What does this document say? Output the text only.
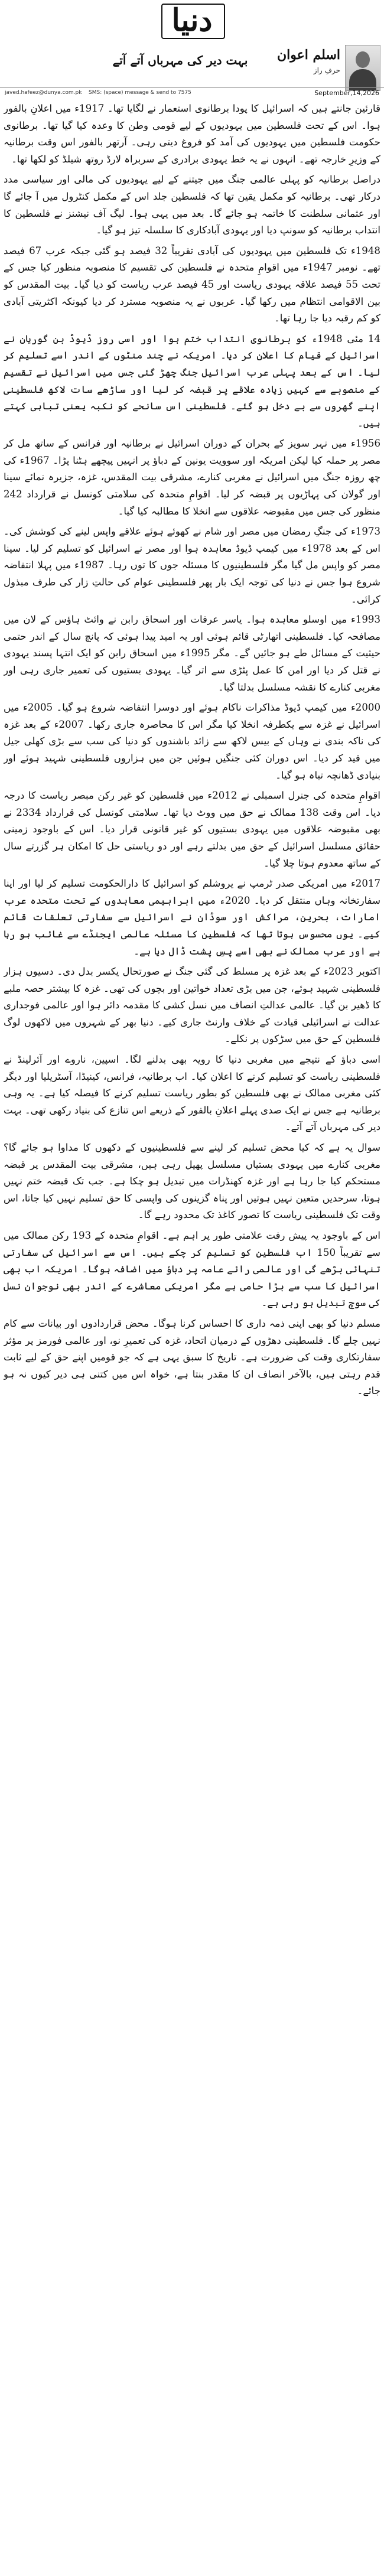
دنیا
اسلم اعوان
حرفِ راز
بہت دیر کی مہرباں آتے آتے
September,14,2026
SMS: (space) message & send to 7575
javed.hafeez@dunya.com.pk

قارئین جانتے ہیں کہ اسرائیل کا پودا برطانوی استعمار نے لگایا تھا۔ 1917ء میں اعلانِ بالفور ہوا۔ اس کے تحت فلسطین میں یہودیوں کے لیے قومی وطن کا وعدہ کیا گیا تھا۔ برطانوی حکومت فلسطین میں یہودیوں کی آمد کو فروغ دیتی رہی۔ آرتھر بالفور اس وقت برطانیہ کے وزیرِ خارجہ تھے۔ انہوں نے یہ خط یہودی برادری کے سربراہ لارڈ روتھ شیلڈ کو لکھا تھا۔

دراصل برطانیہ کو پہلی عالمی جنگ میں جیتنے کے لیے یہودیوں کی مالی اور سیاسی مدد درکار تھی۔ برطانیہ کو مکمل یقین تھا کہ فلسطین جلد اس کے مکمل کنٹرول میں آ جائے گا اور عثمانی سلطنت کا خاتمہ ہو جائے گا۔ بعد میں یہی ہوا۔ لیگ آف نیشنز نے فلسطین کا انتداب برطانیہ کو سونپ دیا اور یہودی آبادکاری کا سلسلہ تیز ہو گیا۔

1948ء تک فلسطین میں یہودیوں کی آبادی تقریباً 32 فیصد ہو گئی جبکہ عرب 67 فیصد تھے۔ نومبر 1947ء میں اقوامِ متحدہ نے فلسطین کی تقسیم کا منصوبہ منظور کیا جس کے تحت 55 فیصد علاقہ یہودی ریاست اور 45 فیصد عرب ریاست کو دیا گیا۔ بیت المقدس کو بین الاقوامی انتظام میں رکھا گیا۔ عربوں نے یہ منصوبہ مسترد کر دیا کیونکہ اکثریتی آبادی کو کم رقبہ دیا جا رہا تھا۔

14 مئی 1948ء کو برطانوی انتداب ختم ہوا اور اسی روز ڈیوڈ بن گوریان نے اسرائیل کے قیام کا اعلان کر دیا۔ امریکہ نے چند منٹوں کے اندر اسے تسلیم کر لیا۔ اس کے بعد پہلی عرب اسرائیل جنگ چھڑ گئی جس میں اسرائیل نے تقسیم کے منصوبے سے کہیں زیادہ علاقے پر قبضہ کر لیا اور ساڑھے سات لاکھ فلسطینی اپنے گھروں سے بے دخل ہو گئے۔ فلسطینی اس سانحے کو نکبہ یعنی تباہی کہتے ہیں۔

1956ء میں نہر سویز کے بحران کے دوران اسرائیل نے برطانیہ اور فرانس کے ساتھ مل کر مصر پر حملہ کیا لیکن امریکہ اور سوویت یونین کے دباؤ پر انہیں پیچھے ہٹنا پڑا۔ 1967ء کی چھ روزہ جنگ میں اسرائیل نے مغربی کنارے، مشرقی بیت المقدس، غزہ، جزیرہ نمائے سینا اور گولان کی پہاڑیوں پر قبضہ کر لیا۔ اقوامِ متحدہ کی سلامتی کونسل نے قرارداد 242 منظور کی جس میں مقبوضہ علاقوں سے انخلا کا مطالبہ کیا گیا۔

1973ء کی جنگِ رمضان میں مصر اور شام نے کھوئے ہوئے علاقے واپس لینے کی کوشش کی۔ اس کے بعد 1978ء میں کیمپ ڈیوڈ معاہدہ ہوا اور مصر نے اسرائیل کو تسلیم کر لیا۔ سینا مصر کو واپس مل گیا مگر فلسطینیوں کا مسئلہ جوں کا توں رہا۔ 1987ء میں پہلا انتفاضہ شروع ہوا جس نے دنیا کی توجہ ایک بار پھر فلسطینی عوام کی حالتِ زار کی طرف مبذول کرائی۔

1993ء میں اوسلو معاہدہ ہوا۔ یاسر عرفات اور اسحاق رابن نے وائٹ ہاؤس کے لان میں مصافحہ کیا۔ فلسطینی اتھارٹی قائم ہوئی اور یہ امید پیدا ہوئی کہ پانچ سال کے اندر حتمی حیثیت کے مسائل طے ہو جائیں گے۔ مگر 1995ء میں اسحاق رابن کو ایک انتہا پسند یہودی نے قتل کر دیا اور امن کا عمل پٹڑی سے اتر گیا۔ یہودی بستیوں کی تعمیر جاری رہی اور مغربی کنارے کا نقشہ مسلسل بدلتا گیا۔

2000ء میں کیمپ ڈیوڈ مذاکرات ناکام ہوئے اور دوسرا انتفاضہ شروع ہو گیا۔ 2005ء میں اسرائیل نے غزہ سے یکطرفہ انخلا کیا مگر اس کا محاصرہ جاری رکھا۔ 2007ء کے بعد غزہ کی ناکہ بندی نے وہاں کے بیس لاکھ سے زائد باشندوں کو دنیا کی سب سے بڑی کھلی جیل میں قید کر دیا۔ اس دوران کئی جنگیں ہوئیں جن میں ہزاروں فلسطینی شہید ہوئے اور بنیادی ڈھانچہ تباہ ہو گیا۔

اقوامِ متحدہ کی جنرل اسمبلی نے 2012ء میں فلسطین کو غیر رکن مبصر ریاست کا درجہ دیا۔ اس وقت 138 ممالک نے حق میں ووٹ دیا تھا۔ سلامتی کونسل کی قرارداد 2334 نے بھی مقبوضہ علاقوں میں یہودی بستیوں کو غیر قانونی قرار دیا۔ اس کے باوجود زمینی حقائق مسلسل اسرائیل کے حق میں بدلتے رہے اور دو ریاستی حل کا امکان ہر گزرتے سال کے ساتھ معدوم ہوتا چلا گیا۔

2017ء میں امریکی صدر ٹرمپ نے یروشلم کو اسرائیل کا دارالحکومت تسلیم کر لیا اور اپنا سفارتخانہ وہاں منتقل کر دیا۔ 2020ء میں ابراہیمی معاہدوں کے تحت متحدہ عرب امارات، بحرین، مراکش اور سوڈان نے اسرائیل سے سفارتی تعلقات قائم کیے۔ یوں محسوس ہوتا تھا کہ فلسطین کا مسئلہ عالمی ایجنڈے سے غائب ہو رہا ہے اور عرب ممالک نے بھی اسے پسِ پشت ڈال دیا ہے۔

اکتوبر 2023ء کے بعد غزہ پر مسلط کی گئی جنگ نے صورتحال یکسر بدل دی۔ دسیوں ہزار فلسطینی شہید ہوئے، جن میں بڑی تعداد خواتین اور بچوں کی تھی۔ غزہ کا بیشتر حصہ ملبے کا ڈھیر بن گیا۔ عالمی عدالتِ انصاف میں نسل کشی کا مقدمہ دائر ہوا اور عالمی فوجداری عدالت نے اسرائیلی قیادت کے خلاف وارنٹ جاری کیے۔ دنیا بھر کے شہروں میں لاکھوں لوگ فلسطین کے حق میں سڑکوں پر نکلے۔

اسی دباؤ کے نتیجے میں مغربی دنیا کا رویہ بھی بدلنے لگا۔ اسپین، ناروے اور آئرلینڈ نے فلسطینی ریاست کو تسلیم کرنے کا اعلان کیا۔ اب برطانیہ، فرانس، کینیڈا، آسٹریلیا اور دیگر کئی مغربی ممالک نے بھی فلسطین کو بطور ریاست تسلیم کرنے کا فیصلہ کیا ہے۔ یہ وہی برطانیہ ہے جس نے ایک صدی پہلے اعلانِ بالفور کے ذریعے اس تنازع کی بنیاد رکھی تھی۔ بہت دیر کی مہرباں آتے آتے۔

سوال یہ ہے کہ کیا محض تسلیم کر لینے سے فلسطینیوں کے دکھوں کا مداوا ہو جائے گا؟ مغربی کنارے میں یہودی بستیاں مسلسل پھیل رہی ہیں، مشرقی بیت المقدس پر قبضہ مستحکم کیا جا رہا ہے اور غزہ کھنڈرات میں تبدیل ہو چکا ہے۔ جب تک قبضہ ختم نہیں ہوتا، سرحدیں متعین نہیں ہوتیں اور پناہ گزینوں کی واپسی کا حق تسلیم نہیں کیا جاتا، اس وقت تک فلسطینی ریاست کا تصور کاغذ تک محدود رہے گا۔

اس کے باوجود یہ پیش رفت علامتی طور پر اہم ہے۔ اقوامِ متحدہ کے 193 رکن ممالک میں سے تقریباً 150 اب فلسطین کو تسلیم کر چکے ہیں۔ اس سے اسرائیل کی سفارتی تنہائی بڑھے گی اور عالمی رائے عامہ پر دباؤ میں اضافہ ہوگا۔ امریکہ اب بھی اسرائیل کا سب سے بڑا حامی ہے مگر امریکی معاشرے کے اندر بھی نوجوان نسل کی سوچ تبدیل ہو رہی ہے۔

مسلم دنیا کو بھی اپنی ذمہ داری کا احساس کرنا ہوگا۔ محض قراردادوں اور بیانات سے کام نہیں چلے گا۔ فلسطینی دھڑوں کے درمیان اتحاد، غزہ کی تعمیرِ نو، اور عالمی فورمز پر مؤثر سفارتکاری وقت کی ضرورت ہے۔ تاریخ کا سبق یہی ہے کہ جو قومیں اپنے حق کے لیے ثابت قدم رہتی ہیں، بالآخر انصاف ان کا مقدر بنتا ہے، خواہ اس میں کتنی ہی دیر کیوں نہ ہو جائے۔
